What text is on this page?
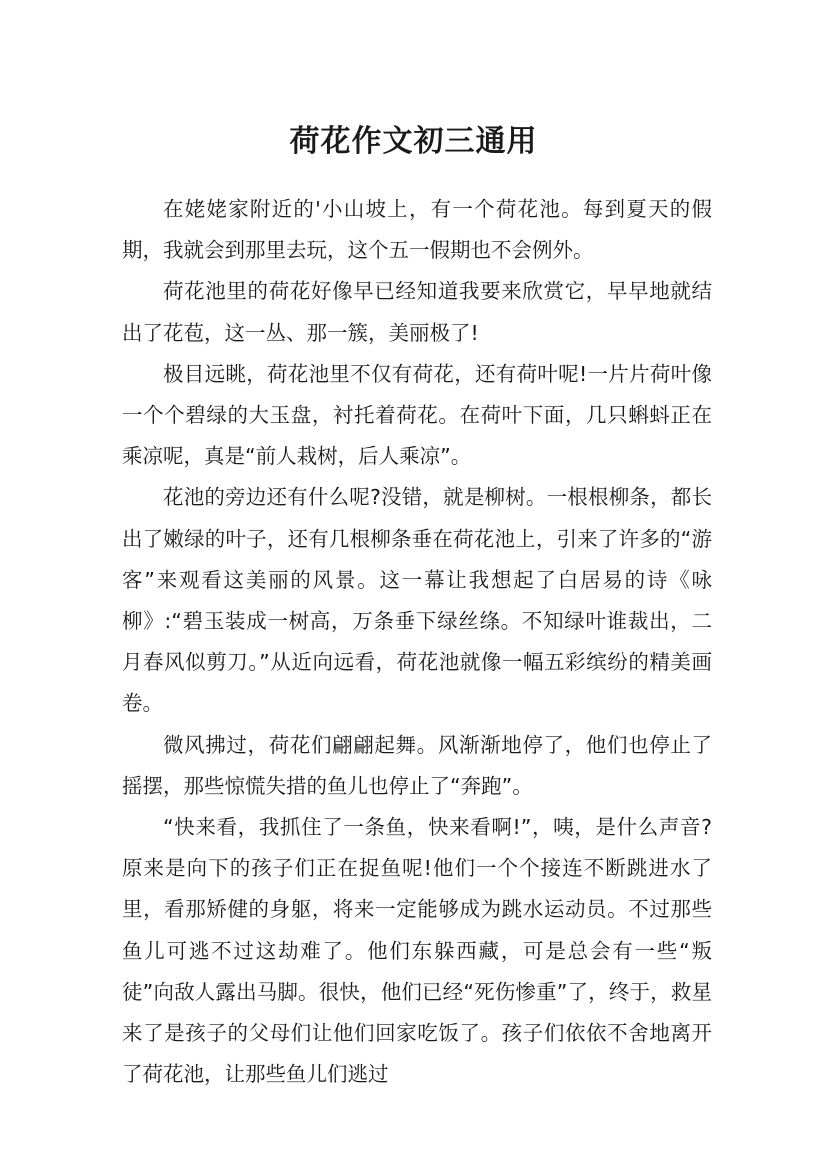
荷花作文初三通用

在姥姥家附近的'小山坡上，有一个荷花池。每到夏天的假期，我就会到那里去玩，这个五一假期也不会例外。

荷花池里的荷花好像早已经知道我要来欣赏它，早早地就结出了花苞，这一丛、那一簇，美丽极了!

极目远眺，荷花池里不仅有荷花，还有荷叶呢!一片片荷叶像一个个碧绿的大玉盘，衬托着荷花。在荷叶下面，几只蝌蚪正在乘凉呢，真是“前人栽树，后人乘凉”。

花池的旁边还有什么呢?没错，就是柳树。一根根柳条，都长出了嫩绿的叶子，还有几根柳条垂在荷花池上，引来了许多的“游客”来观看这美丽的风景。这一幕让我想起了白居易的诗《咏柳》:“碧玉装成一树高，万条垂下绿丝绦。不知绿叶谁裁出，二月春风似剪刀。”从近向远看，荷花池就像一幅五彩缤纷的精美画卷。

微风拂过，荷花们翩翩起舞。风渐渐地停了，他们也停止了摇摆，那些惊慌失措的鱼儿也停止了“奔跑”。

“快来看，我抓住了一条鱼，快来看啊!”，咦，是什么声音?原来是向下的孩子们正在捉鱼呢!他们一个个接连不断跳进水了里，看那矫健的身躯，将来一定能够成为跳水运动员。不过那些鱼儿可逃不过这劫难了。他们东躲西藏，可是总会有一些“叛徒”向敌人露出马脚。很快，他们已经“死伤惨重”了，终于，救星来了是孩子的父母们让他们回家吃饭了。孩子们依依不舍地离开了荷花池，让那些鱼儿们逃过
